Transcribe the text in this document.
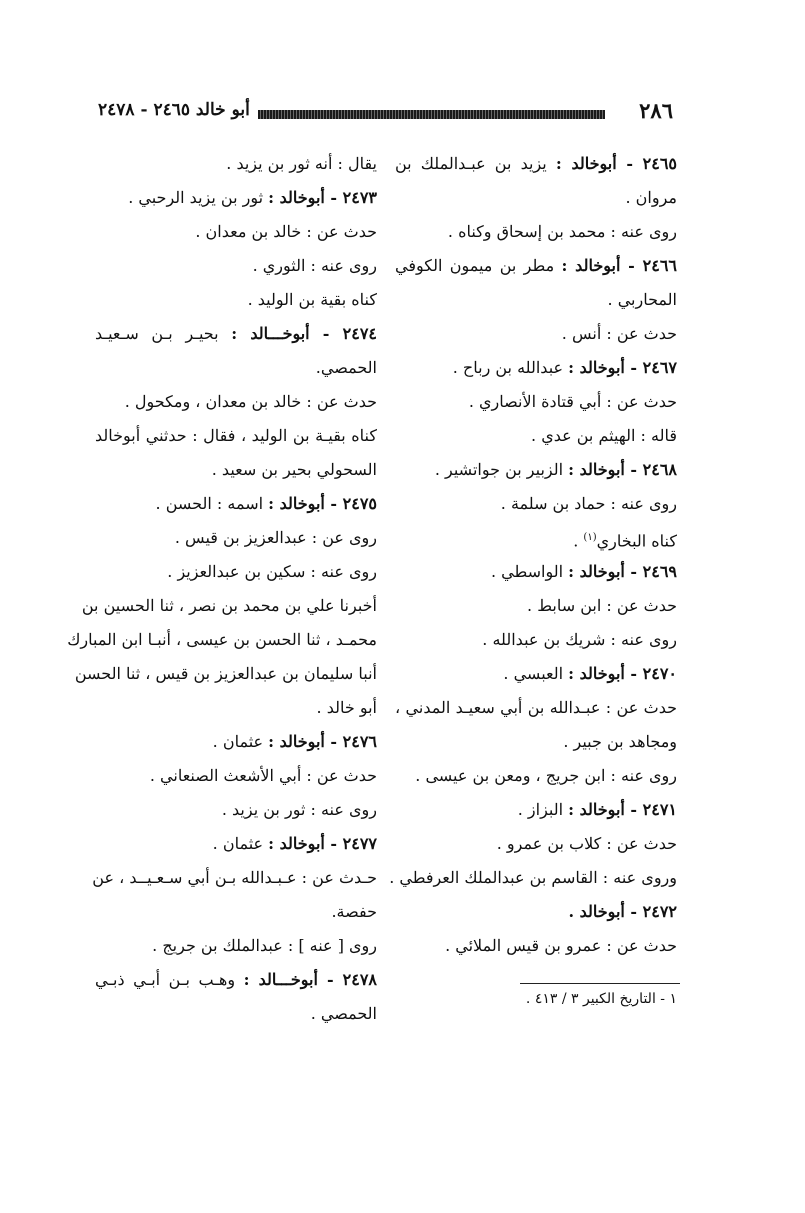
أبو خالد ٢٤٦٥ - ٢٤٧٨	٢٨٦
٢٤٦٥ - أبوخالد : يزيد بن عبـدالملك بن
مروان .
روى عنه : محمد بن إسحاق وكناه .
٢٤٦٦ - أبوخالد : مطر بن ميمون الكوفي
المحاربي .
حدث عن : أنس .
٢٤٦٧ - أبوخالد : عبدالله بن رباح .
حدث عن : أبي قتادة الأنصاري .
قاله : الهيثم بن عدي .
٢٤٦٨ - أبوخالد : الزبير بن جواتشير .
روى عنه : حماد بن سلمة .
كناه البخاري$^{(١)}$ .
٢٤٦٩ - أبوخالد : الواسطي .
حدث عن : ابن سابط .
روى عنه : شريك بن عبدالله .
٢٤٧٠ - أبوخالد : العبسي .
حدث عن : عبـدالله بن أبي سعيـد المدني ،
ومجاهد بن جبير .
روى عنه : ابن جريج ، ومعن بن عيسى .
٢٤٧١ - أبوخالد : البزاز .
حدث عن : كلاب بن عمرو .
وروى عنه : القاسم بن عبدالملك العرفطي .
٢٤٧٢ - أبوخالد .
حدث عن : عمرو بن قيس الملائي .
يقال : أنه ثور بن يزيد .
٢٤٧٣ - أبوخالد : ثور بن يزيد الرحبي .
حدث عن : خالد بن معدان .
روى عنه : الثوري .
كناه بقية بن الوليد .
٢٤٧٤ - أبوخـــالد : بحيـر بـن سـعيـد
الحمصي.
حدث عن : خالد بن معدان ، ومكحول .
كناه بقيـة بن الوليد ، فقال : حدثني أبوخالد
السحولي بحير بن سعيد .
٢٤٧٥ - أبوخالد : اسمه : الحسن .
روى عن : عبدالعزيز بن قيس .
روى عنه : سكين بن عبدالعزيز .
أخبرنا علي بن محمد بن نصر ، ثنا الحسين بن
محمـد ، ثنا الحسن بن عيسى ، أنبـا ابن المبارك
أنبا سليمان بن عبدالعزيز بن قيس ، ثنا الحسن
أبو خالد .
٢٤٧٦ - أبوخالد : عثمان .
حدث عن : أبي الأشعث الصنعاني .
روى عنه : ثور بن يزيد .
٢٤٧٧ - أبوخالد : عثمان .
حـدث عن : عـبـدالله بـن أبي سـعـيــد ، عن
حفصة.
روى [ عنه ] : عبدالملك بن جريج .
٢٤٧٨ - أبوخـــالد : وهـب بـن أبـي ذبـي
الحمصي .
١ - التاريخ الكبير ٣ / ٤١٣ .
